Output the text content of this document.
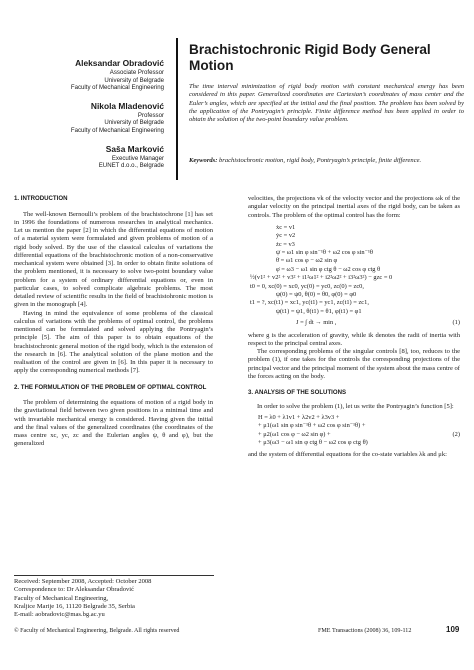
Aleksandar Obradović
Associate Professor
University of Belgrade
Faculty of Mechanical Engineering
Nikola Mladenović
Professor
University of Belgrade
Faculty of Mechanical Engineering
Saša Marković
Executive Manager
EUNET d.o.o., Belgrade
Brachistochronic Rigid Body General Motion
The time interval minimization of rigid body motion with constant mechanical energy has been considered in this paper. Generalized coordinates are Cartesian’s coordinates of mass center and the Euler’s angles, which are specified at the initial and the final position. The problem has been solved by the application of the Pontryagin’s principle. Finite difference method has been applied in order to obtain the solution of the two-point boundary value problem.
Keywords: brachistochronic motion, rigid body, Pontryagin’s principle, finite difference.
1. INTRODUCTION

The well-known Bernoulli’s problem of the brachistochrone [1] has set in 1996 the foundations of numerous researches in analytical mechanics. Let us mention the paper [2] in which the differential equations of motion of a material system were formulated and given problems of motion of a rigid body solved. By the use of the classical calculus of variations the differential equations of the brachistochronic motion of a non-conservative mechanical system were obtained [3]. In order to obtain finite solutions of the problem mentioned, it is necessary to solve two-point boundary value problem for a system of ordinary differential equations or, even in particular cases, to solved complicate algebraic problems. The most detailed review of scientific results in the field of brachistohronic motion is given in the monograph [4].

Having in mind the equivalence of some problems of the classical calculus of variations with the problems of optimal control, the problems mentioned can be formulated and solved applying the Pontryagin’s principle [5]. The aim of this paper is to obtain equations of the brachistochronic general motion of the rigid body, which is the extension of the research in [6]. The analytical solution of the plane motion and the realisation of the control are given in [6]. In this paper it is necessary to apply the corresponding numerical methods [7].

2. THE FORMULATION OF THE PROBLEM OF OPTIMAL CONTROL

The problem of determining the equations of motion of a rigid body in the gravitational field between two given positions in a minimal time and with invariable mechanical energy is considered. Having given the initial and the final values of the generalized coordinates (the coordinates of the mass centre xc, yc, zc and the Eulerian angles ψ, θ and φ), but the generalized

Received: September 2008, Accepted: October 2008
Correspondence to: Dr Aleksandar Obradović
Faculty of Mechanical Engineering,
Kraljice Marije 16, 11120 Belgrade 35, Serbia
E-mail: aobradovic@mas.bg.ac.yu

velocities, the projections vk of the velocity vector and the projections ωk of the angular velocity on the principal inertial axes of the rigid body, can be taken as controls. The problem of the optimal control has the form:

ẋc = v1
ẏc = v2
żc = v3
ψ̇ = ω1 sin φ sin⁻¹θ + ω2 cos φ sin⁻¹θ
θ̇ = ω1 cos φ − ω2 sin φ
φ̇ = ω3 − ω1 sin φ ctg θ − ω2 cos φ ctg θ
½(v1² + v2² + v3² + i1²ω1² + i2²ω2² + i3²ω3²) − gzc = 0
t0 = 0, xc(0) = xc0, yc(0) = yc0, zc(0) = zc0,
ψ(0) = ψ0, θ(0) = θ0, φ(0) = φ0
t1 = ?, xc(t1) = xc1, yc(t1) = yc1, zc(t1) = zc1,
ψ(t1) = ψ1, θ(t1) = θ1, φ(t1) = φ1
J = ∫ dt → min ,	(1)

where g is the acceleration of gravity, while ik denotes the radii of inertia with respect to the principal central axes.

The corresponding problems of the singular controls [8], too, reduces to the problem (1), if one takes for the controls the corresponding projections of the principal vector and the principal moment of the system about the mass centre of the forces acting on the body.

3. ANALYSIS OF THE SOLUTIONS

In order to solve the problem (1), let us write the Pontryagin’s function [5]:

H = λ0 + λ1v1 + λ2v2 + λ3v3 +
+ μ1(ω1 sin φ sin⁻¹θ + ω2 cos φ sin⁻¹θ) +
+ μ2(ω1 cos φ − ω2 sin φ) +	(2)
+ μ3(ω3 − ω1 sin φ ctg θ − ω2 cos φ ctg θ)

and the system of differential equations for the co-state variables λk and μk:

© Faculty of Mechanical Engineering, Belgrade. All rights reserved	FME Transactions (2008) 36, 109-112	109
